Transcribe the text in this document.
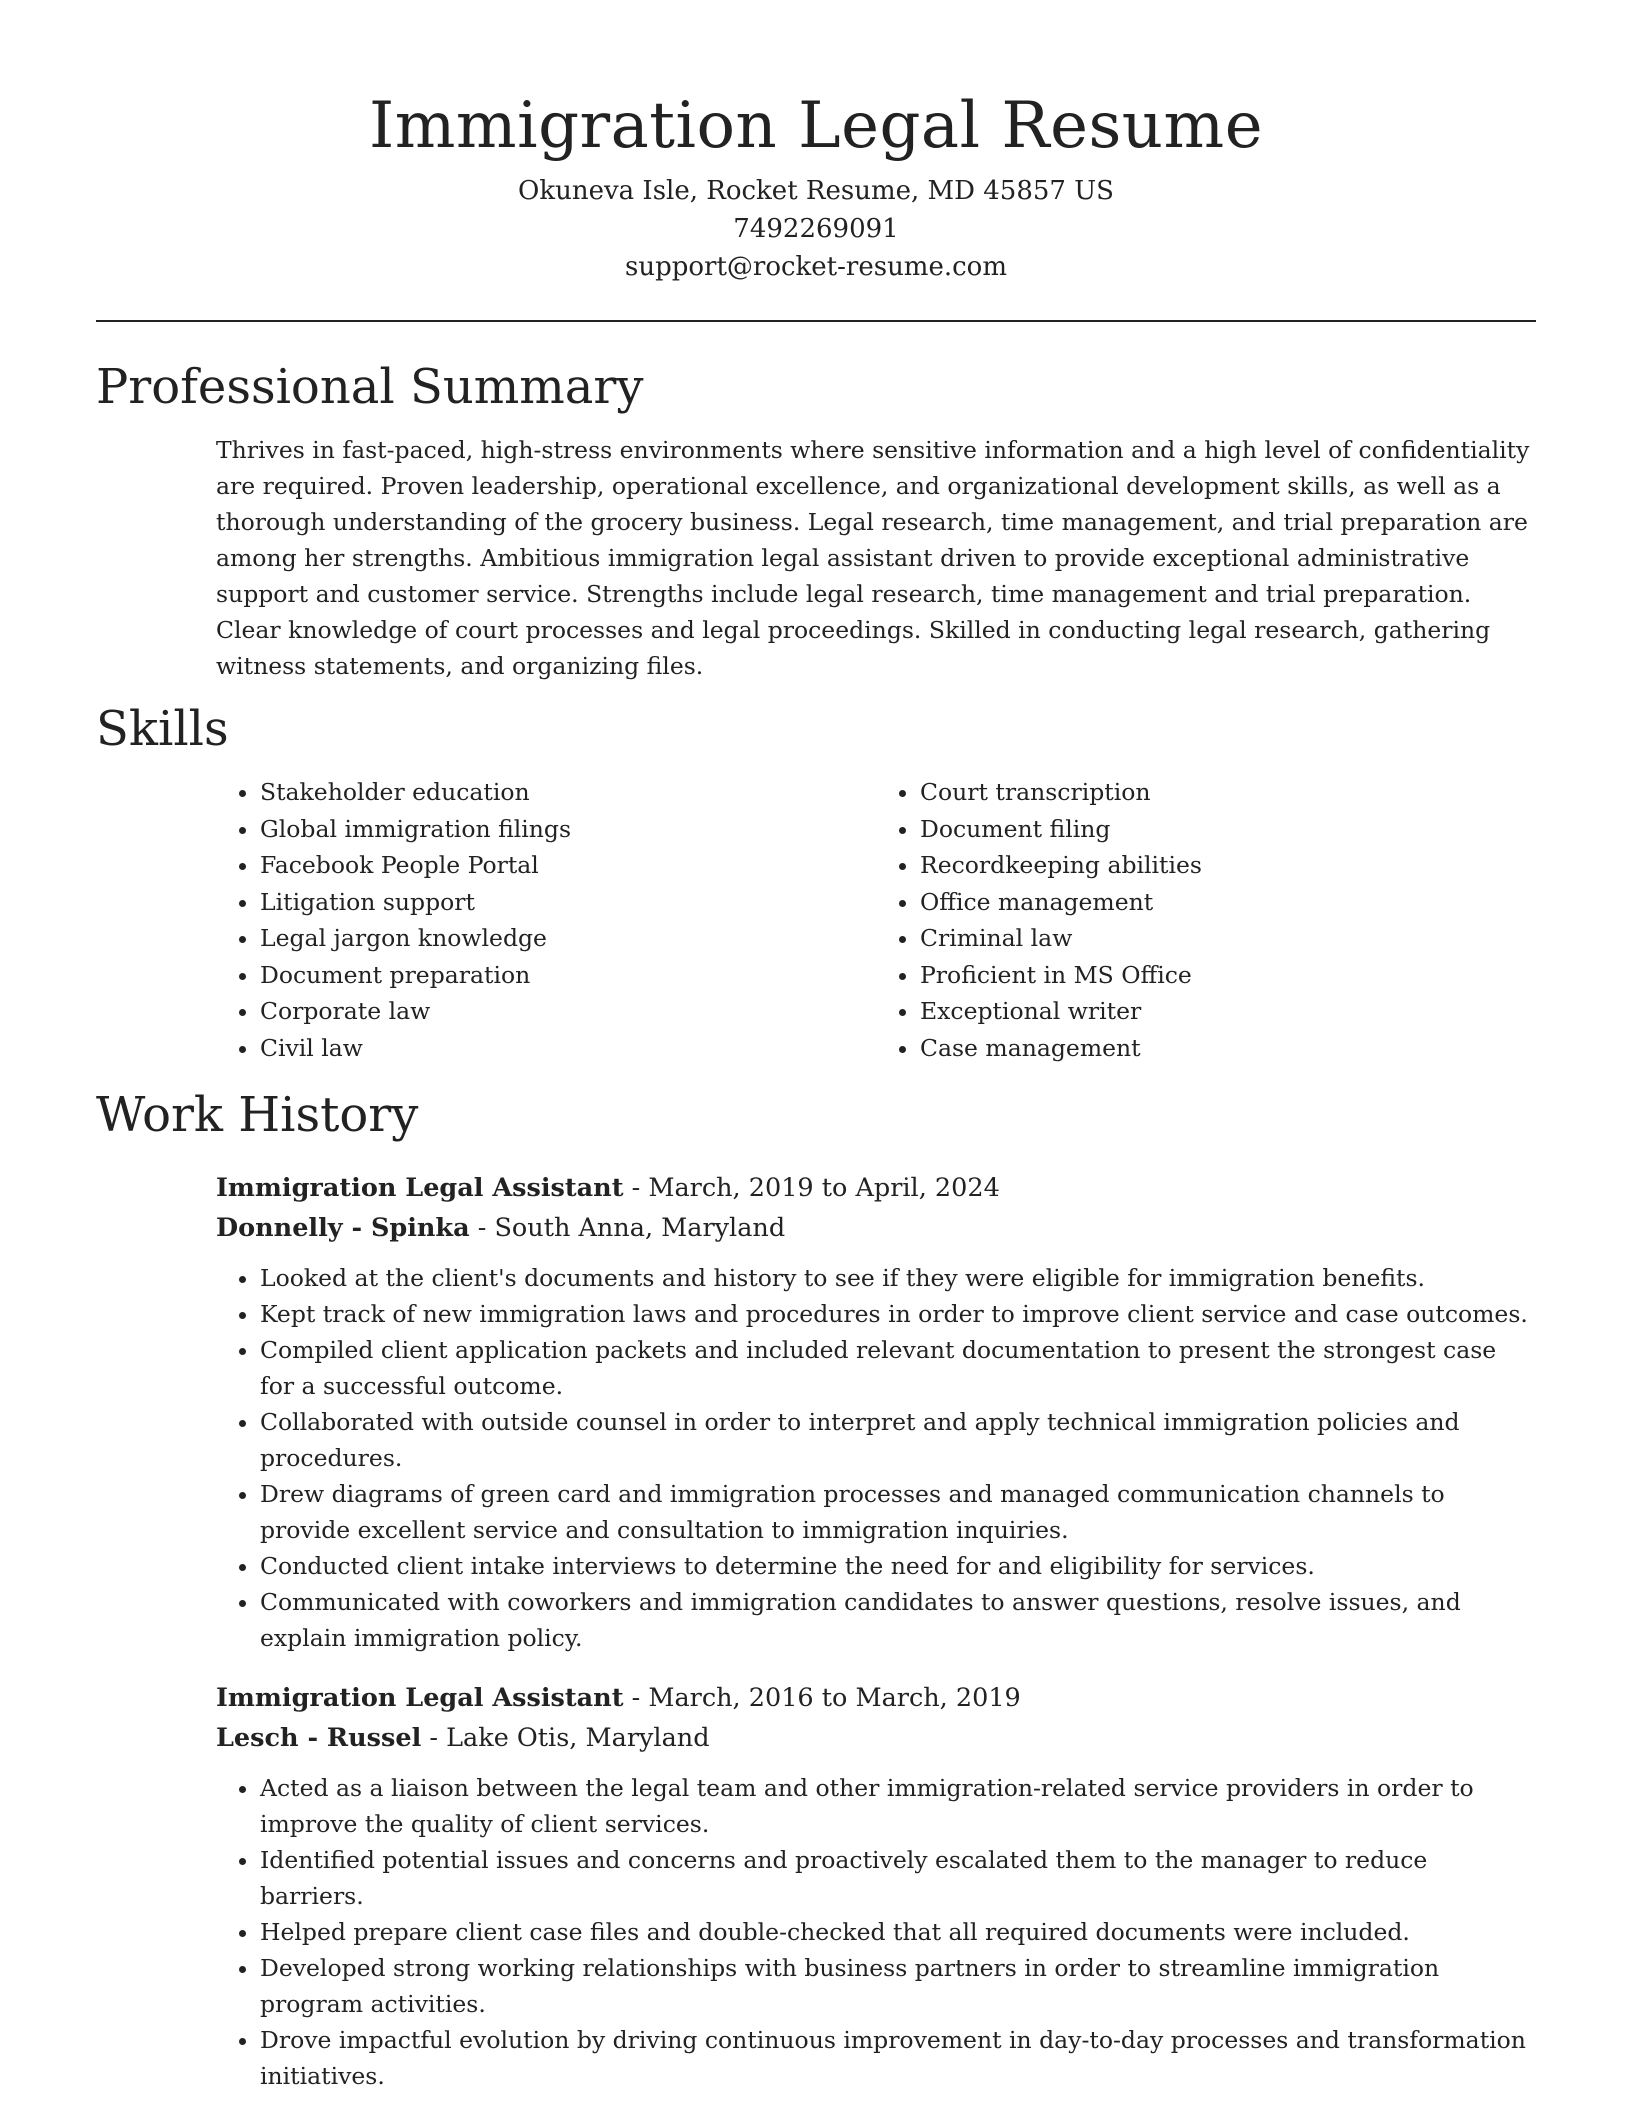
Immigration Legal Resume

Okuneva Isle, Rocket Resume, MD 45857 US

7492269091

support@rocket-resume.com

Professional Summary

Thrives in fast-paced, high-stress environments where sensitive information and a high level of confidentiality are required. Proven leadership, operational excellence, and organizational development skills, as well as a thorough understanding of the grocery business. Legal research, time management, and trial preparation are among her strengths. Ambitious immigration legal assistant driven to provide exceptional administrative support and customer service. Strengths include legal research, time management and trial preparation. Clear knowledge of court processes and legal proceedings. Skilled in conducting legal research, gathering witness statements, and organizing files.

Skills
• Stakeholder education
• Global immigration filings
• Facebook People Portal
• Litigation support
• Legal jargon knowledge
• Document preparation
• Corporate law
• Civil law
• Court transcription
• Document filing
• Recordkeeping abilities
• Office management
• Criminal law
• Proficient in MS Office
• Exceptional writer
• Case management
Work History

Immigration Legal Assistant - March, 2019 to April, 2024

Donnelly - Spinka - South Anna, Maryland

• Looked at the client's documents and history to see if they were eligible for immigration benefits.
• Kept track of new immigration laws and procedures in order to improve client service and case outcomes.
• Compiled client application packets and included relevant documentation to present the strongest case for a successful outcome.
• Collaborated with outside counsel in order to interpret and apply technical immigration policies and procedures.
• Drew diagrams of green card and immigration processes and managed communication channels to provide excellent service and consultation to immigration inquiries.
• Conducted client intake interviews to determine the need for and eligibility for services.
• Communicated with coworkers and immigration candidates to answer questions, resolve issues, and explain immigration policy.

Immigration Legal Assistant - March, 2016 to March, 2019

Lesch - Russel - Lake Otis, Maryland

• Acted as a liaison between the legal team and other immigration-related service providers in order to improve the quality of client services.
• Identified potential issues and concerns and proactively escalated them to the manager to reduce barriers.
• Helped prepare client case files and double-checked that all required documents were included.
• Developed strong working relationships with business partners in order to streamline immigration program activities.
• Drove impactful evolution by driving continuous improvement in day-to-day processes and transformation initiatives.
